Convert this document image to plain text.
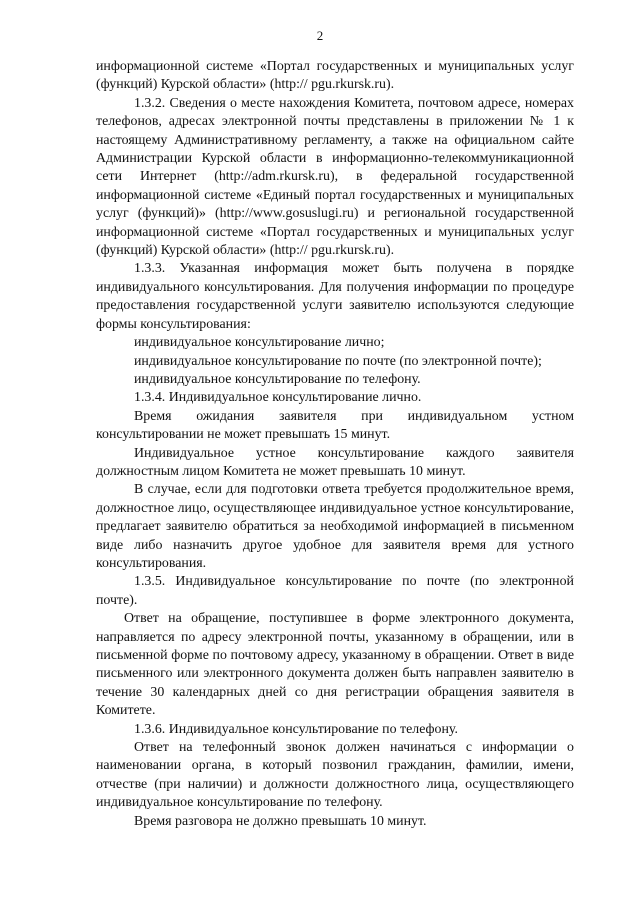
2

информационной системе «Портал государственных и муниципальных услуг (функций) Курской области» (http:// pgu.rkursk.ru).

1.3.2. Сведения о месте нахождения Комитета, почтовом адресе, номерах телефонов, адресах электронной почты представлены в приложении № 1 к настоящему Административному регламенту, а также на официальном сайте Администрации Курской области в информационно-телекоммуникационной сети Интернет (http://adm.rkursk.ru), в федеральной государственной информационной системе «Единый портал государственных и муниципальных услуг (функций)» (http://www.gosuslugi.ru) и региональной государственной информационной системе «Портал государственных и муниципальных услуг (функций) Курской области» (http:// pgu.rkursk.ru).

1.3.3. Указанная информация может быть получена в порядке индивидуального консультирования. Для получения информации по процедуре предоставления государственной услуги заявителю используются следующие формы консультирования:

индивидуальное консультирование лично;

индивидуальное консультирование по почте (по электронной почте);

индивидуальное консультирование по телефону.

1.3.4. Индивидуальное консультирование лично.

Время ожидания заявителя при индивидуальном устном консультировании не может превышать 15 минут.

Индивидуальное устное консультирование каждого заявителя должностным лицом Комитета не может превышать 10 минут.

В случае, если для подготовки ответа требуется продолжительное время, должностное лицо, осуществляющее индивидуальное устное консультирование, предлагает заявителю обратиться за необходимой информацией в письменном виде либо назначить другое удобное для заявителя время для устного консультирования.

1.3.5. Индивидуальное консультирование по почте (по электронной почте).

Ответ на обращение, поступившее в форме электронного документа, направляется по адресу электронной почты, указанному в обращении, или в письменной форме по почтовому адресу, указанному в обращении. Ответ в виде письменного или электронного документа должен быть направлен заявителю в течение 30 календарных дней со дня регистрации обращения заявителя в Комитете.

1.3.6. Индивидуальное консультирование по телефону.

Ответ на телефонный звонок должен начинаться с информации о наименовании органа, в который позвонил гражданин, фамилии, имени, отчестве (при наличии) и должности должностного лица, осуществляющего индивидуальное консультирование по телефону.

Время разговора не должно превышать 10 минут.
